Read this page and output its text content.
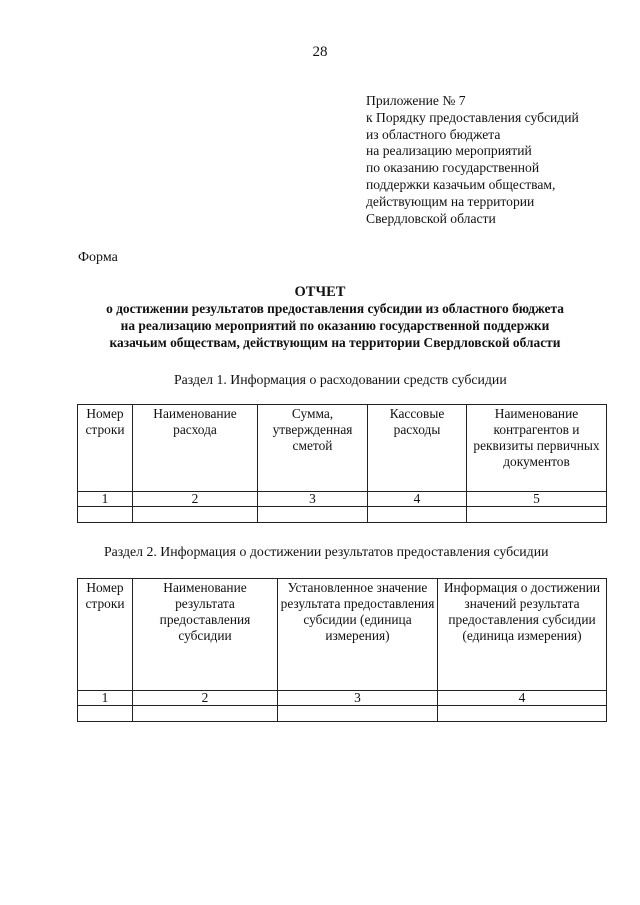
28
Приложение № 7
к Порядку предоставления субсидий
из областного бюджета
на реализацию мероприятий
по оказанию государственной
поддержки казачьим обществам,
действующим на территории
Свердловской области
Форма
ОТЧЕТ
о достижении результатов предоставления субсидии из областного бюджета
на реализацию мероприятий по оказанию государственной поддержки
казачьим обществам, действующим на территории Свердловской области
Раздел 1. Информация о расходовании средств субсидии
Номер строки	Наименование расхода	Сумма, утвержденная сметой	Кассовые расходы	Наименование контрагентов и реквизиты первичных документов
1	2	3	4	5

Раздел 2. Информация о достижении результатов предоставления субсидии
Номер строки	Наименование результата предоставления субсидии	Установленное значение результата предоставления субсидии (единица измерения)	Информация о достижении значений результата предоставления субсидии (единица измерения)
1	2	3	4
